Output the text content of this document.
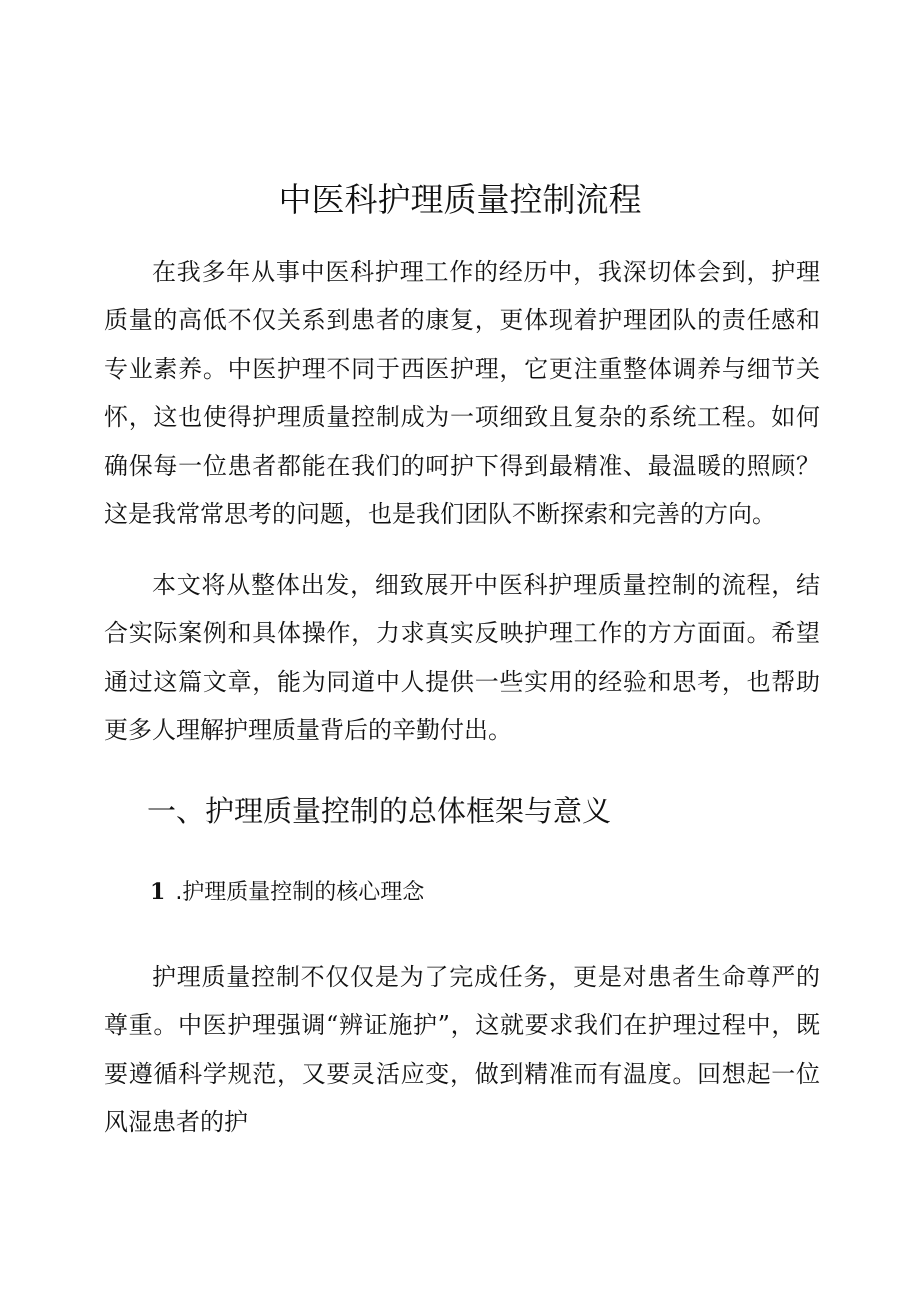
中医科护理质量控制流程

在我多年从事中医科护理工作的经历中，我深切体会到，护理质量的高低不仅关系到患者的康复，更体现着护理团队的责任感和专业素养。中医护理不同于西医护理，它更注重整体调养与细节关怀，这也使得护理质量控制成为一项细致且复杂的系统工程。如何确保每一位患者都能在我们的呵护下得到最精准、最温暖的照顾？这是我常常思考的问题，也是我们团队不断探索和完善的方向。

本文将从整体出发，细致展开中医科护理质量控制的流程，结合实际案例和具体操作，力求真实反映护理工作的方方面面。希望通过这篇文章，能为同道中人提供一些实用的经验和思考，也帮助更多人理解护理质量背后的辛勤付出。

一、护理质量控制的总体框架与意义
1 .护理质量控制的核心理念

护理质量控制不仅仅是为了完成任务，更是对患者生命尊严的尊重。中医护理强调“辨证施护”，这就要求我们在护理过程中，既要遵循科学规范，又要灵活应变，做到精准而有温度。回想起一位风湿患者的护
